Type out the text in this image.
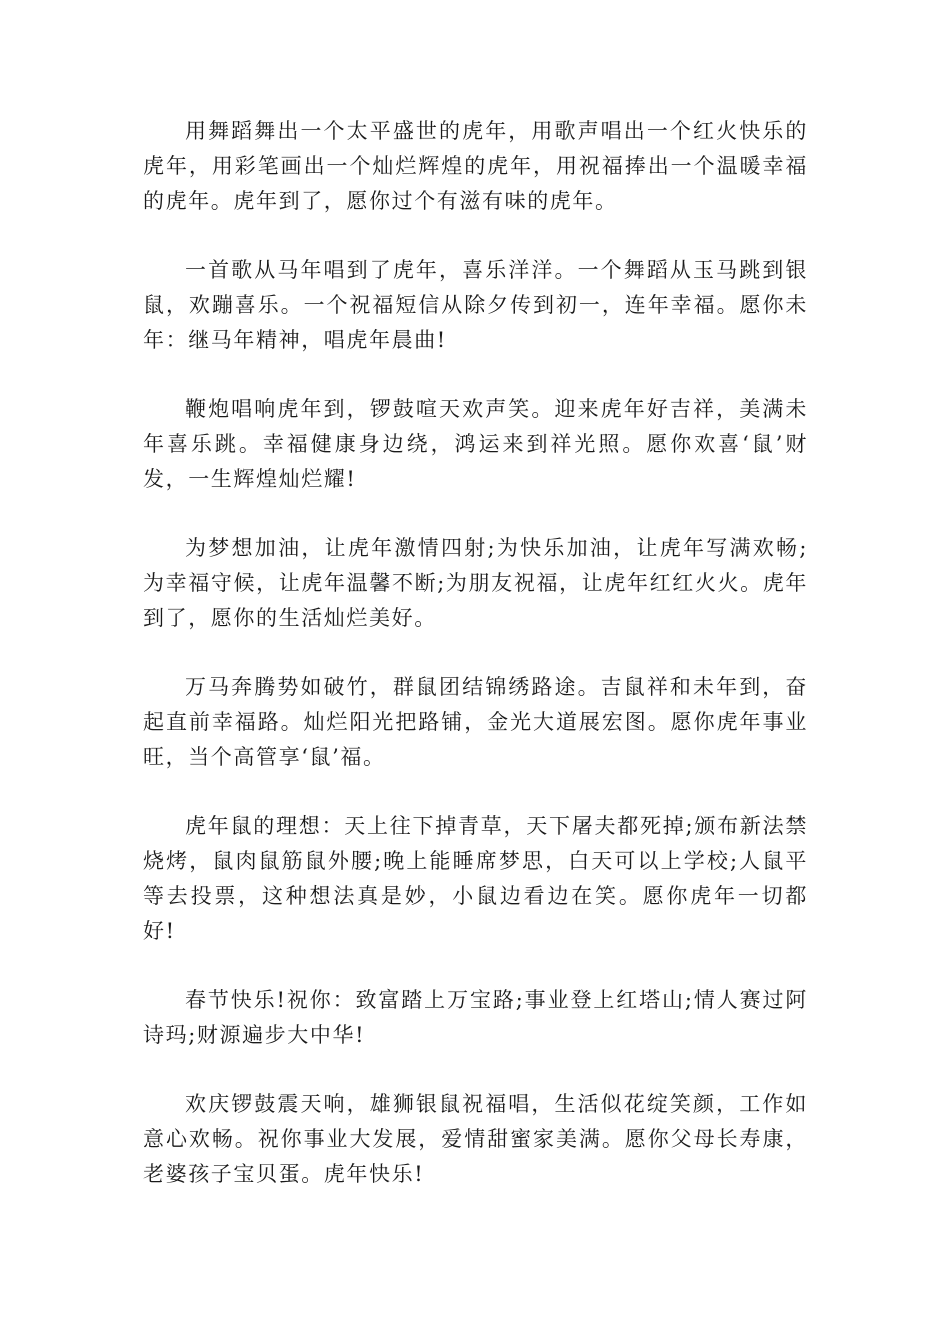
用舞蹈舞出一个太平盛世的虎年，用歌声唱出一个红火快乐的虎年，用彩笔画出一个灿烂辉煌的虎年，用祝福捧出一个温暖幸福的虎年。虎年到了，愿你过个有滋有味的虎年。

一首歌从马年唱到了虎年，喜乐洋洋。一个舞蹈从玉马跳到银鼠，欢蹦喜乐。一个祝福短信从除夕传到初一，连年幸福。愿你未年：继马年精神，唱虎年晨曲!

鞭炮唱响虎年到，锣鼓喧天欢声笑。迎来虎年好吉祥，美满未年喜乐跳。幸福健康身边绕，鸿运来到祥光照。愿你欢喜‘鼠’财发，一生辉煌灿烂耀!

为梦想加油，让虎年激情四射;为快乐加油，让虎年写满欢畅;为幸福守候，让虎年温馨不断;为朋友祝福，让虎年红红火火。虎年到了，愿你的生活灿烂美好。

万马奔腾势如破竹，群鼠团结锦绣路途。吉鼠祥和未年到，奋起直前幸福路。灿烂阳光把路铺，金光大道展宏图。愿你虎年事业旺，当个高管享‘鼠’福。

虎年鼠的理想：天上往下掉青草，天下屠夫都死掉;颁布新法禁烧烤，鼠肉鼠筋鼠外腰;晚上能睡席梦思，白天可以上学校;人鼠平等去投票，这种想法真是妙，小鼠边看边在笑。愿你虎年一切都好!

春节快乐!祝你：致富踏上万宝路;事业登上红塔山;情人赛过阿诗玛;财源遍步大中华!

欢庆锣鼓震天响，雄狮银鼠祝福唱，生活似花绽笑颜，工作如意心欢畅。祝你事业大发展，爱情甜蜜家美满。愿你父母长寿康，老婆孩子宝贝蛋。虎年快乐!
